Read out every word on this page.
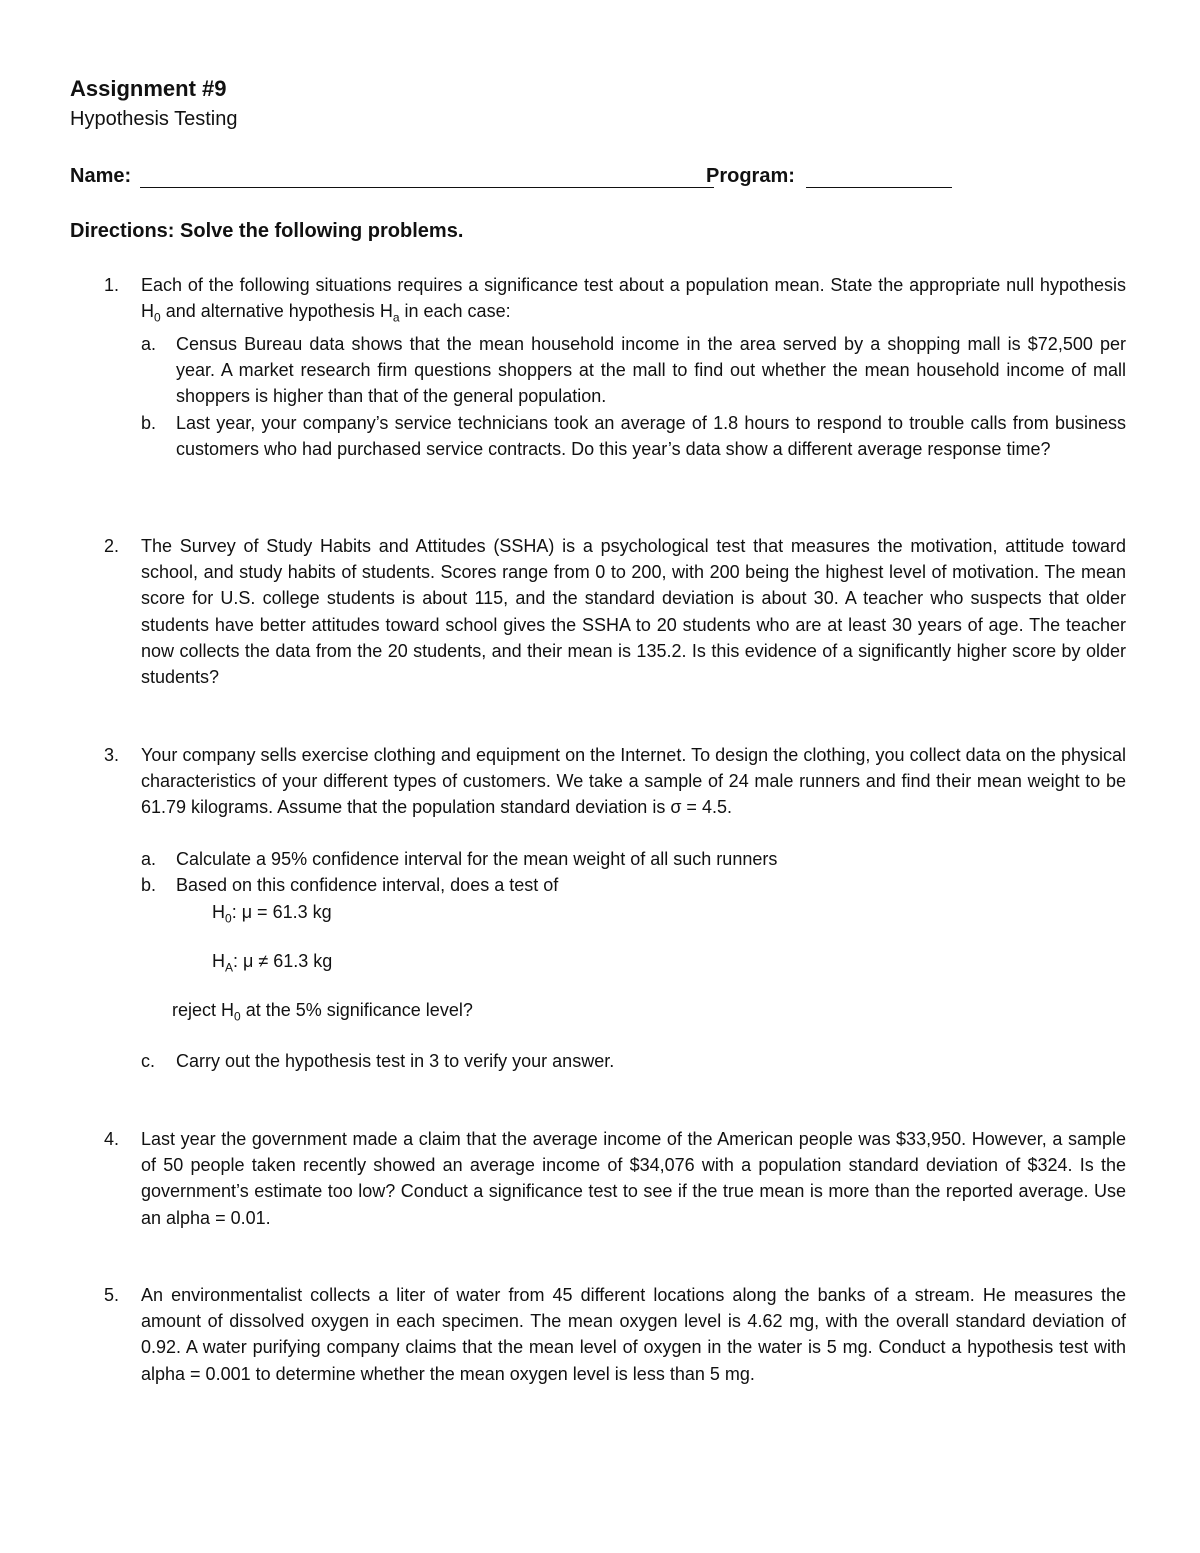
Assignment #9
Hypothesis Testing
Name:	Program:
Directions: Solve the following problems.
1.	Each of the following situations requires a significance test about a population mean. State the appropriate null hypothesis $H_0$ and alternative hypothesis $H_a$ in each case:
a.	Census Bureau data shows that the mean household income in the area served by a shopping mall is $72,500 per year. A market research firm questions shoppers at the mall to find out whether the mean household income of mall shoppers is higher than that of the general population.
b.	Last year, your company’s service technicians took an average of 1.8 hours to respond to trouble calls from business customers who had purchased service contracts. Do this year’s data show a different average response time?
2.	The Survey of Study Habits and Attitudes (SSHA) is a psychological test that measures the motivation, attitude toward school, and study habits of students. Scores range from 0 to 200, with 200 being the highest level of motivation. The mean score for U.S. college students is about 115, and the standard deviation is about 30. A teacher who suspects that older students have better attitudes toward school gives the SSHA to 20 students who are at least 30 years of age. The teacher now collects the data from the 20 students, and their mean is 135.2. Is this evidence of a significantly higher score by older students?
3.	Your company sells exercise clothing and equipment on the Internet. To design the clothing, you collect data on the physical characteristics of your different types of customers. We take a sample of 24 male runners and find their mean weight to be 61.79 kilograms. Assume that the population standard deviation is σ = 4.5.
a.	Calculate a 95% confidence interval for the mean weight of all such runners
b.	Based on this confidence interval, does a test of
$H_0$: μ = 61.3 kg
$H_A$: μ ≠ 61.3 kg
reject $H_0$ at the 5% significance level?
c. Carry out the hypothesis test in 3 to verify your answer.
4.	Last year the government made a claim that the average income of the American people was $33,950. However, a sample of 50 people taken recently showed an average income of $34,076 with a population standard deviation of $324. Is the government’s estimate too low? Conduct a significance test to see if the true mean is more than the reported average. Use an alpha = 0.01.
5.	An environmentalist collects a liter of water from 45 different locations along the banks of a stream. He measures the amount of dissolved oxygen in each specimen. The mean oxygen level is 4.62 mg, with the overall standard deviation of 0.92. A water purifying company claims that the mean level of oxygen in the water is 5 mg. Conduct a hypothesis test with alpha = 0.001 to determine whether the mean oxygen level is less than 5 mg.
